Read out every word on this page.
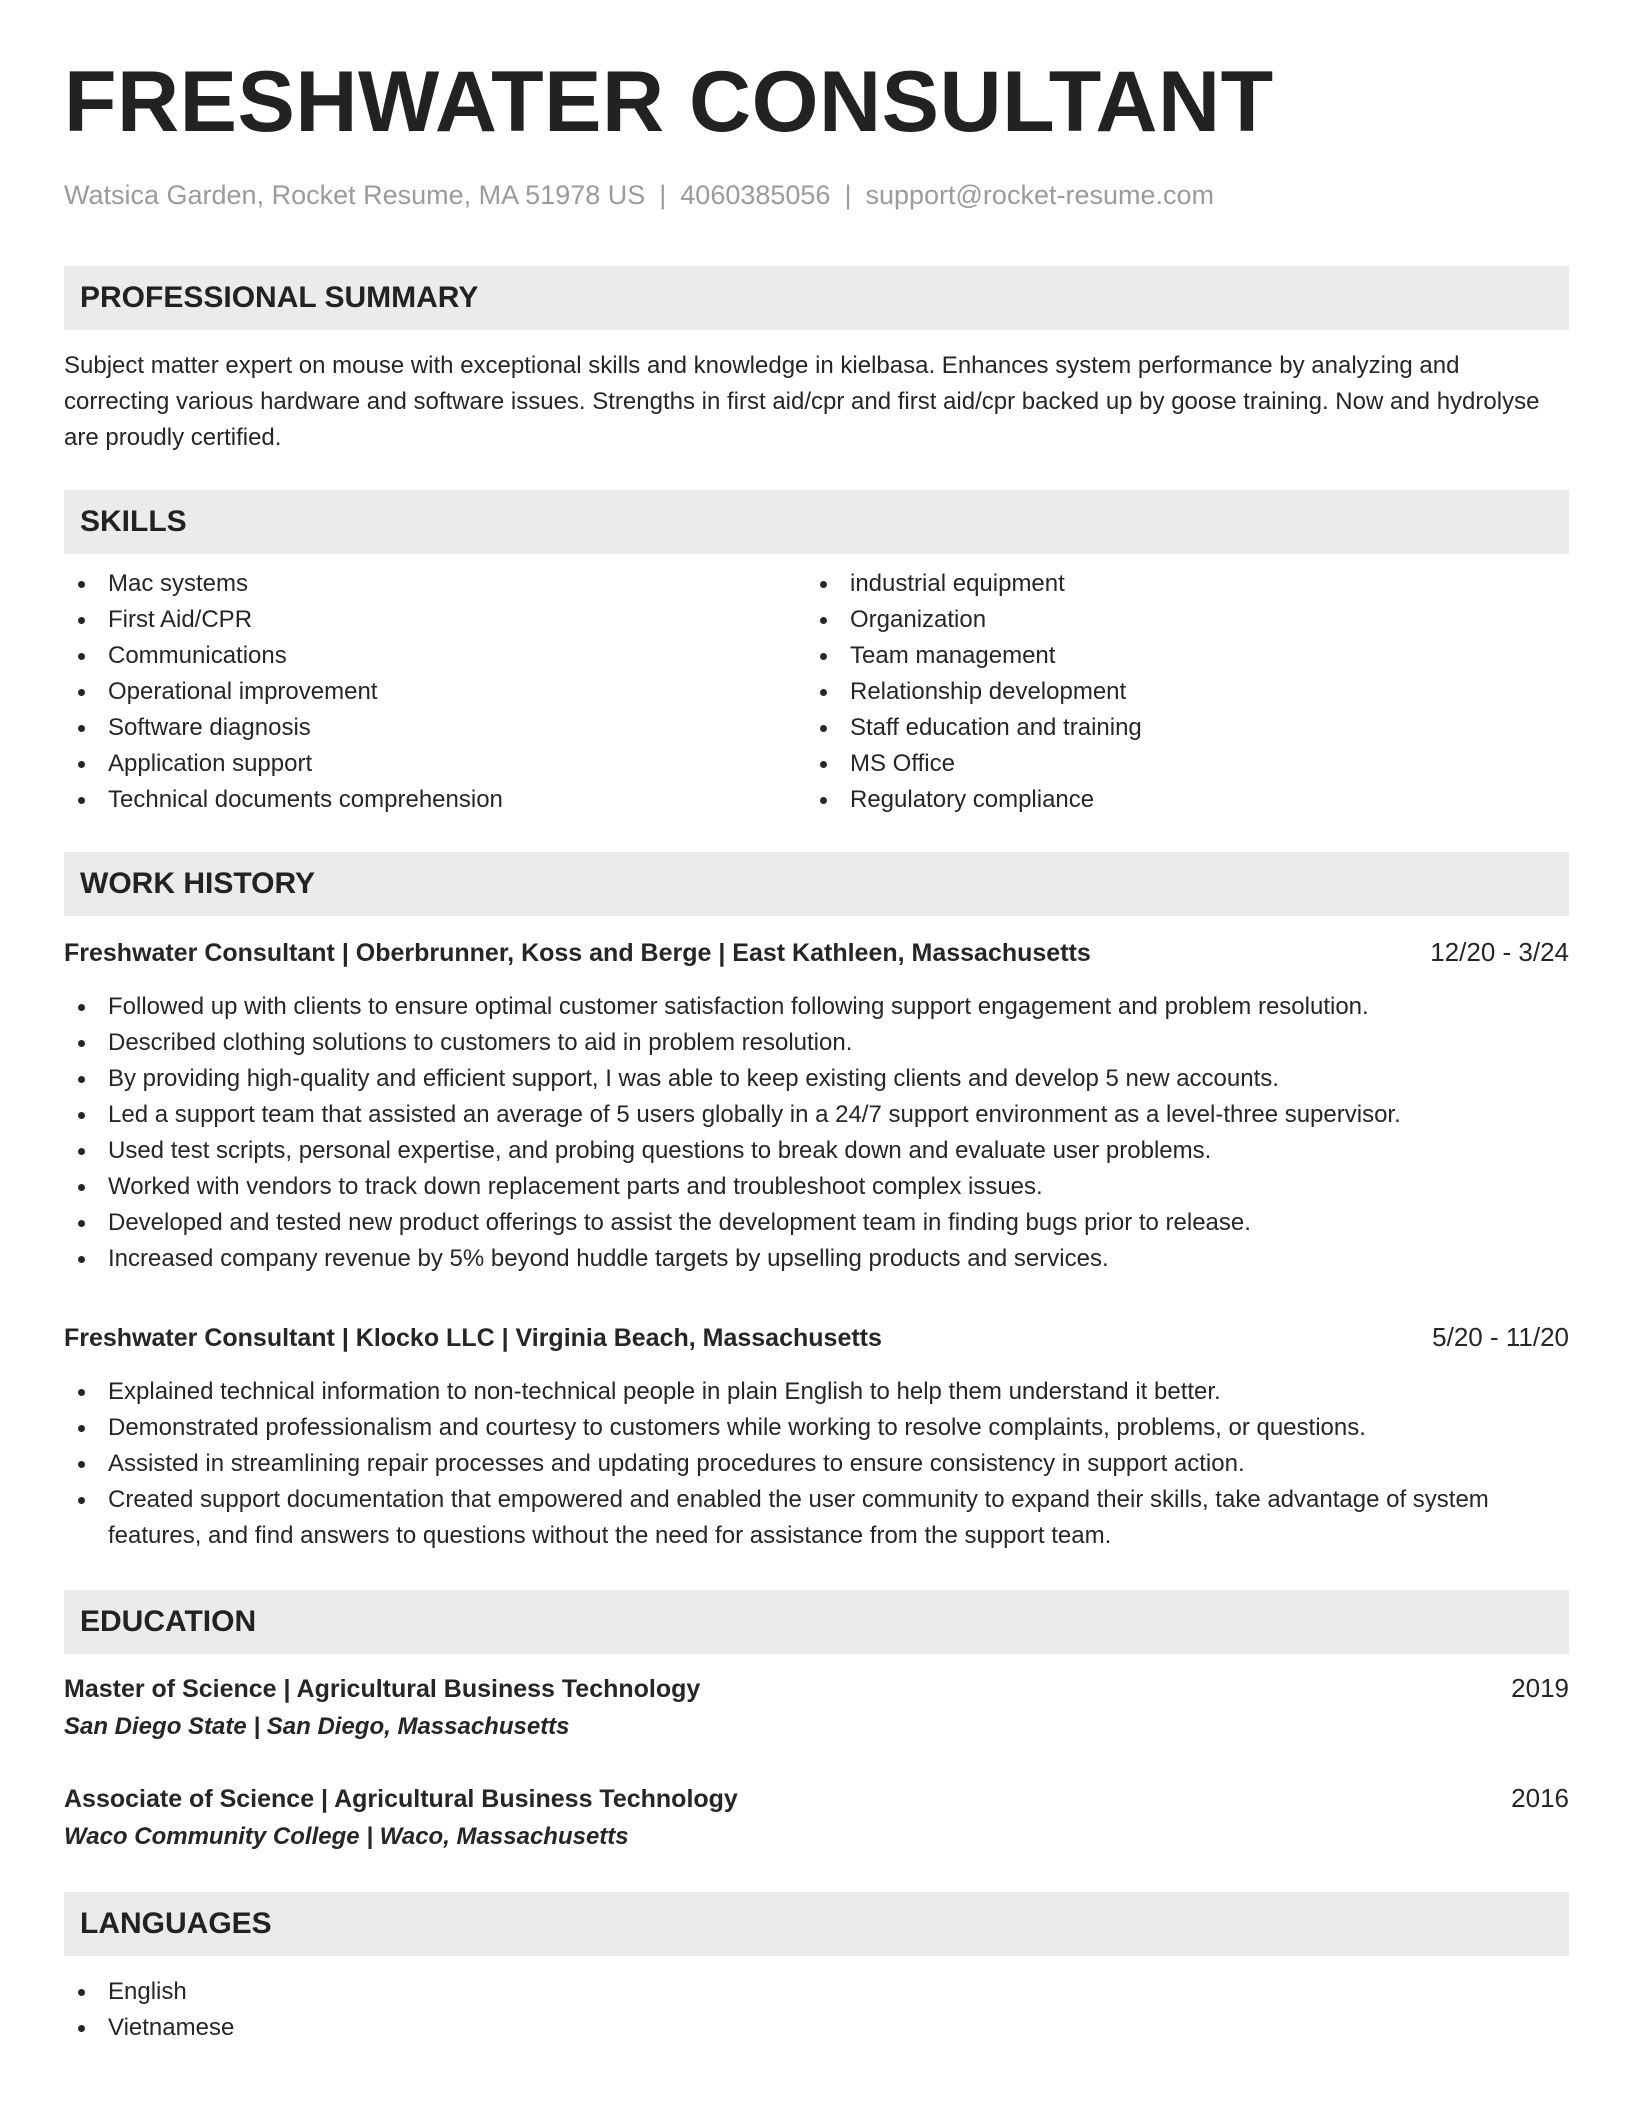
FRESHWATER CONSULTANT
Watsica Garden, Rocket Resume, MA 51978 US | 4060385056 | support@rocket-resume.com
PROFESSIONAL SUMMARY
Subject matter expert on mouse with exceptional skills and knowledge in kielbasa. Enhances system performance by analyzing and correcting various hardware and software issues. Strengths in first aid/cpr and first aid/cpr backed up by goose training. Now and hydrolyse are proudly certified.
SKILLS
Mac systems
First Aid/CPR
Communications
Operational improvement
Software diagnosis
Application support
Technical documents comprehension
industrial equipment
Organization
Team management
Relationship development
Staff education and training
MS Office
Regulatory compliance
WORK HISTORY
Freshwater Consultant | Oberbrunner, Koss and Berge | East Kathleen, Massachusetts	12/20 - 3/24
Followed up with clients to ensure optimal customer satisfaction following support engagement and problem resolution.
Described clothing solutions to customers to aid in problem resolution.
By providing high-quality and efficient support, I was able to keep existing clients and develop 5 new accounts.
Led a support team that assisted an average of 5 users globally in a 24/7 support environment as a level-three supervisor.
Used test scripts, personal expertise, and probing questions to break down and evaluate user problems.
Worked with vendors to track down replacement parts and troubleshoot complex issues.
Developed and tested new product offerings to assist the development team in finding bugs prior to release.
Increased company revenue by 5% beyond huddle targets by upselling products and services.
Freshwater Consultant | Klocko LLC | Virginia Beach, Massachusetts	5/20 - 11/20
Explained technical information to non-technical people in plain English to help them understand it better.
Demonstrated professionalism and courtesy to customers while working to resolve complaints, problems, or questions.
Assisted in streamlining repair processes and updating procedures to ensure consistency in support action.
Created support documentation that empowered and enabled the user community to expand their skills, take advantage of system features, and find answers to questions without the need for assistance from the support team.
EDUCATION
Master of Science | Agricultural Business Technology	2019
San Diego State | San Diego, Massachusetts
Associate of Science | Agricultural Business Technology	2016
Waco Community College | Waco, Massachusetts
LANGUAGES
English
Vietnamese
